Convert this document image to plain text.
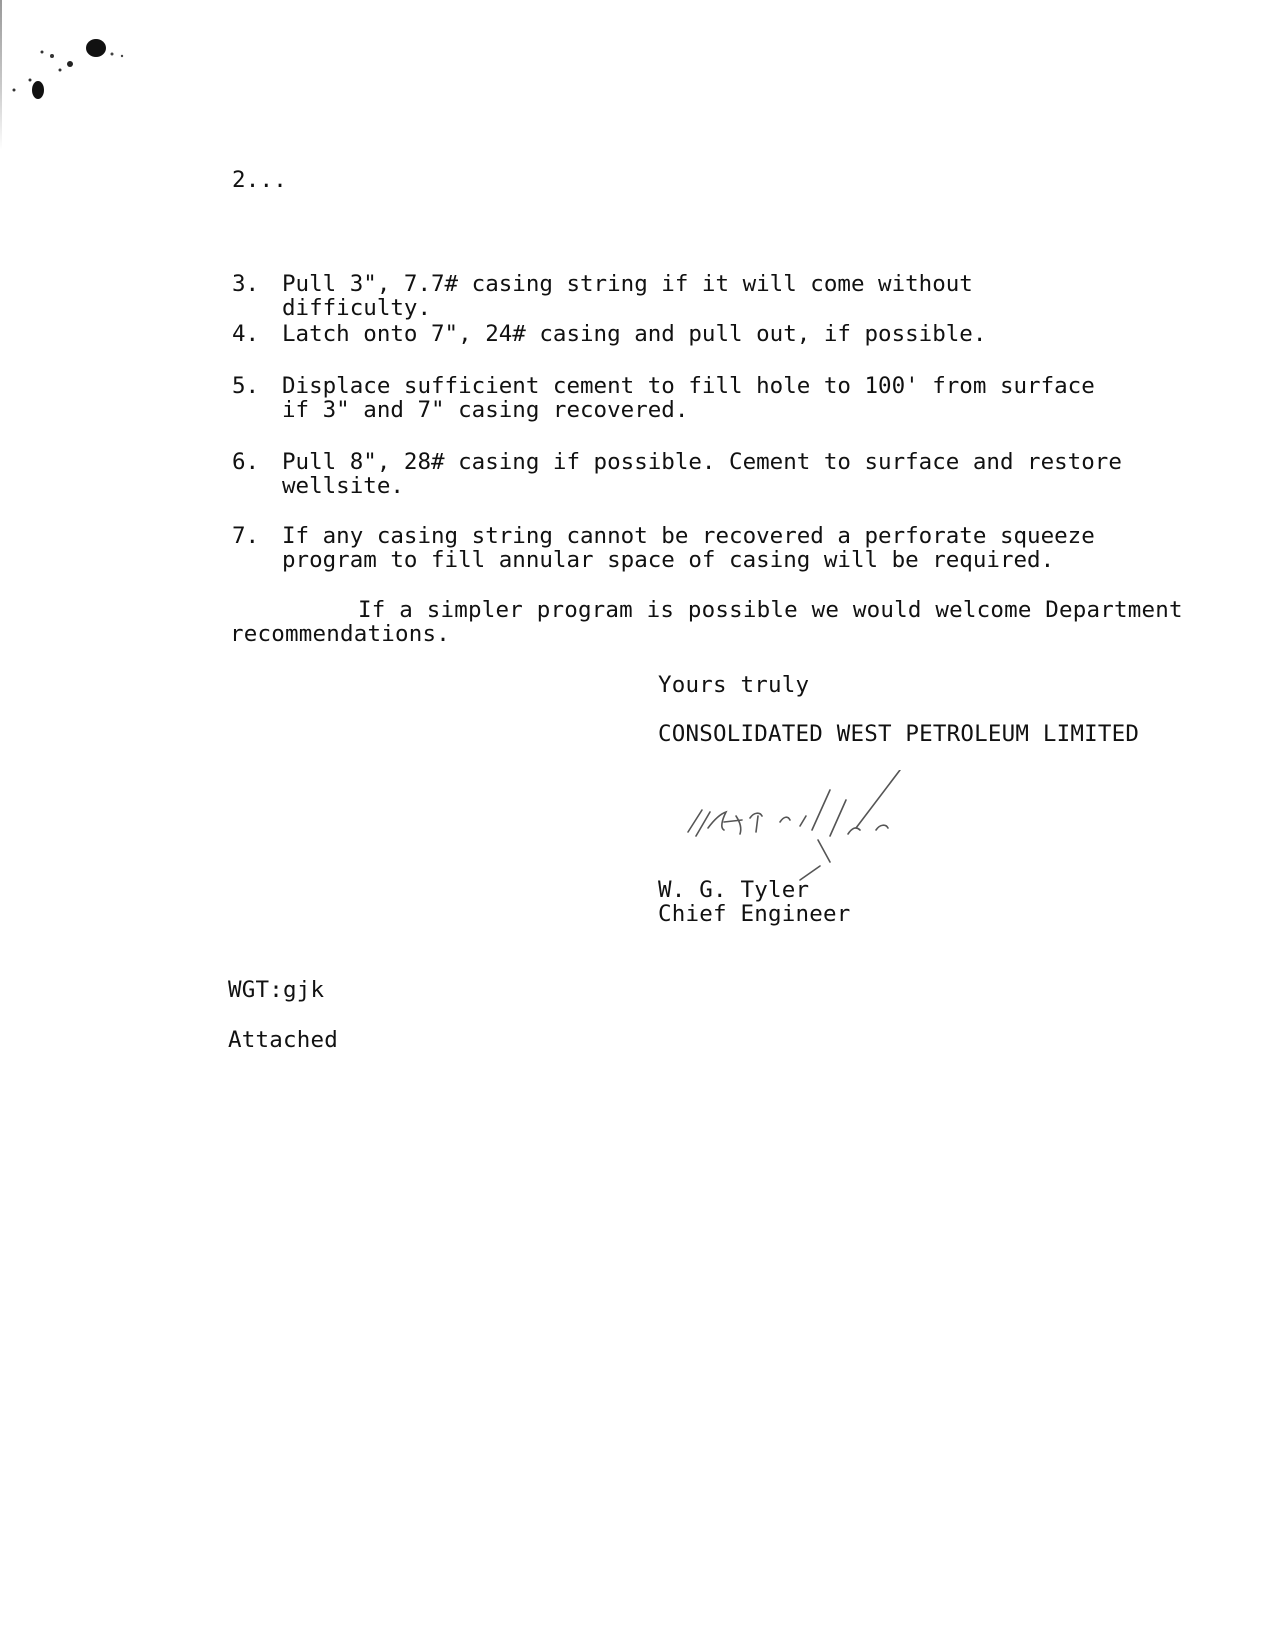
2...
3. Pull 3", 7.7# casing string if it will come without difficulty.
4. Latch onto 7", 24# casing and pull out, if possible.
5. Displace sufficient cement to fill hole to 100' from surface
if 3" and 7" casing recovered.
6. Pull 8", 28# casing if possible. Cement to surface and restore
wellsite.
7. If any casing string cannot be recovered a perforate squeeze
program to fill annular space of casing will be required.
If a simpler program is possible we would welcome Department
recommendations.
Yours truly
CONSOLIDATED WEST PETROLEUM LIMITED
W. G. Tyler
Chief Engineer
WGT:gjk
Attached
